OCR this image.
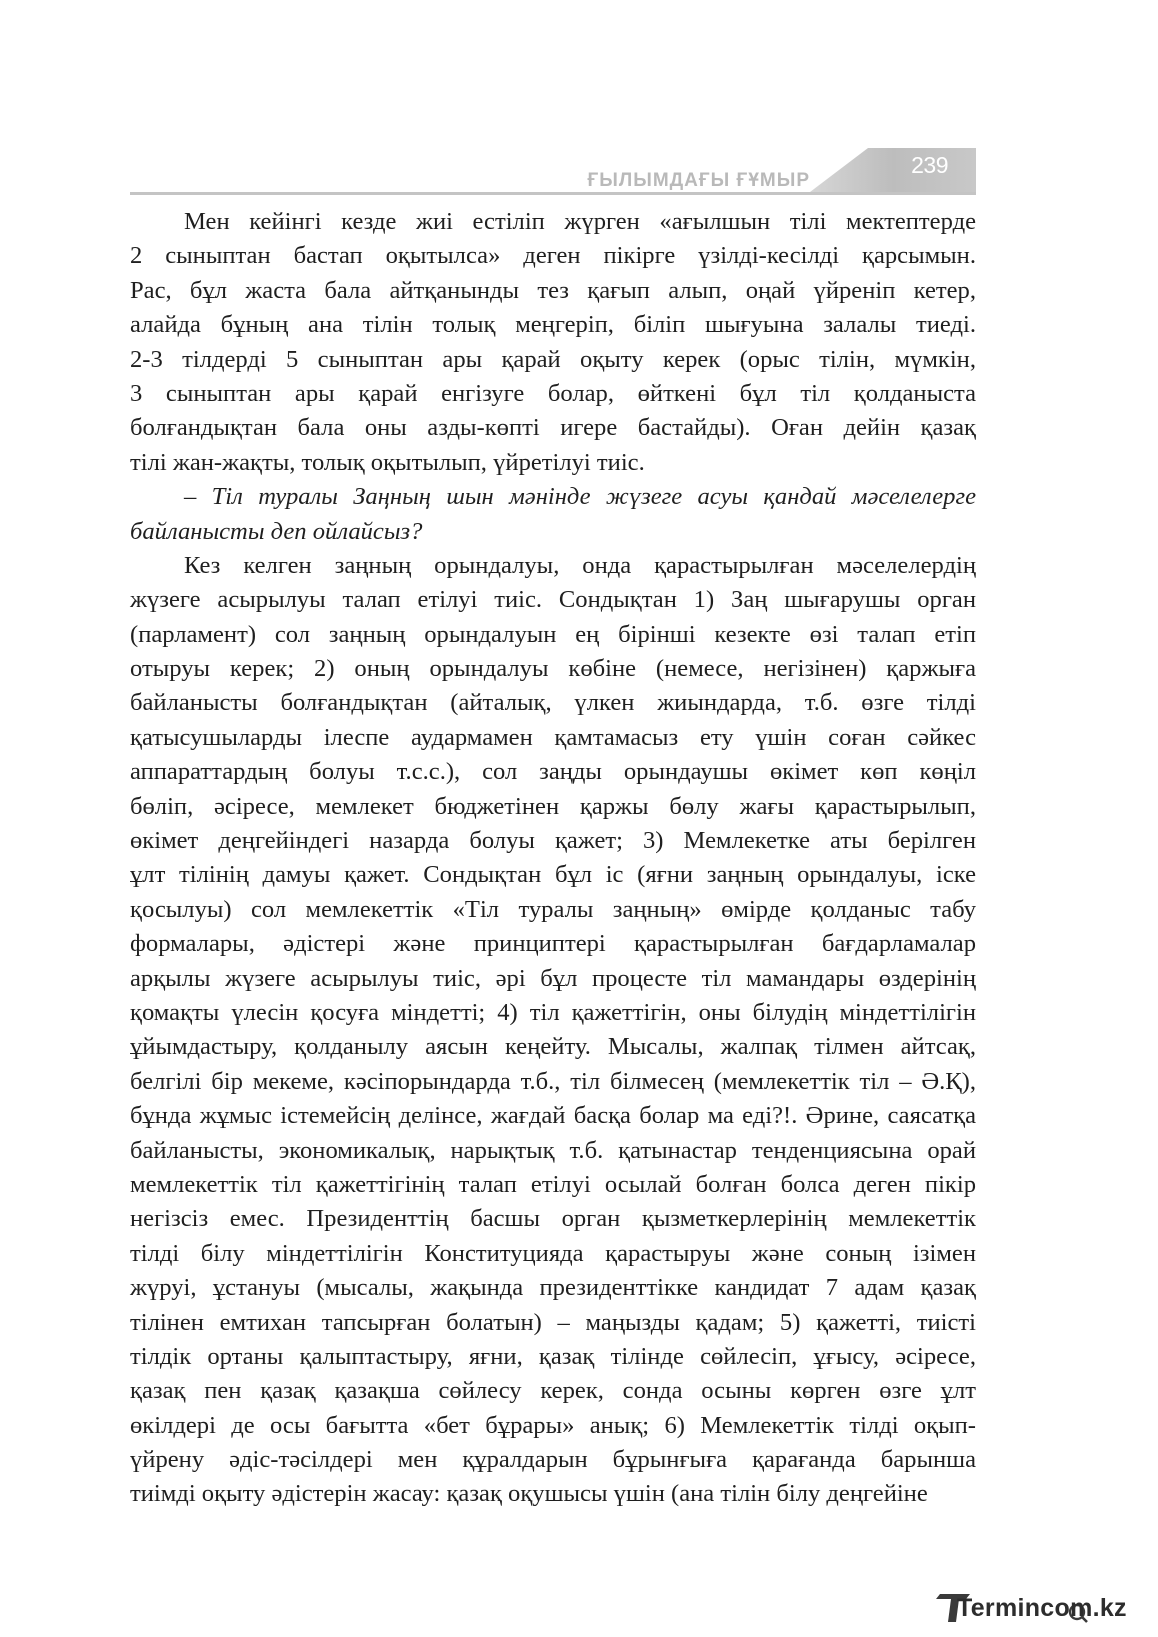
ҒЫЛЫМДАҒЫ ҒҰМЫР
239
Мен кейінгі кезде жиі естіліп жүрген «ағылшын тілі мектептерде
2 сыныптан бастап оқытылса» деген пікірге үзілді-кесілді қарсымын.
Рас, бұл жаста бала айтқанынды тез қағып алып, оңай үйреніп кетер,
алайда бұның ана тілін толық меңгеріп, біліп шығуына залалы тиеді.
2-3 тілдерді 5 сыныптан ары қарай оқыту керек (орыс тілін, мүмкін,
3 сыныптан ары қарай енгізуге болар, өйткені бұл тіл қолданыста
болғандықтан бала оны азды-көпті игере бастайды). Оған дейін қазақ
тілі жан-жақты, толық оқытылып, үйретілуі тиіс.
– Тіл туралы Заңның шын мәнінде жүзеге асуы қандай мәселелерге
байланысты деп ойлайсыз?
Кез келген заңның орындалуы, онда қарастырылған мәселелердің
жүзеге асырылуы талап етілуі тиіс. Сондықтан 1) Заң шығарушы орган
(парламент) сол заңның орындалуын ең бірінші кезекте өзі талап етіп
отыруы керек; 2) оның орындалуы көбіне (немесе, негізінен) қаржыға
байланысты болғандықтан (айталық, үлкен жиындарда, т.б. өзге тілді
қатысушыларды ілеспе аудармамен қамтамасыз ету үшін соған сәйкес
аппараттардың болуы т.с.с.), сол заңды орындаушы өкімет көп көңіл
бөліп, әсіресе, мемлекет бюджетінен қаржы бөлу жағы қарастырылып,
өкімет деңгейіндегі назарда болуы қажет; 3) Мемлекетке аты берілген
ұлт тілінің дамуы қажет. Сондықтан бұл іс (яғни заңның орындалуы, іске
қосылуы) сол мемлекеттік «Тіл туралы заңның» өмірде қолданыс табу
формалары, әдістері және принциптері қарастырылған бағдарламалар
арқылы жүзеге асырылуы тиіс, әрі бұл процесте тіл мамандары өздерінің
қомақты үлесін қосуға міндетті; 4) тіл қажеттігін, оны білудің міндеттілігін
ұйымдастыру, қолданылу аясын кеңейту. Мысалы, жалпақ тілмен айтсақ,
белгілі бір мекеме, кәсіпорындарда т.б., тіл білмесең (мемлекеттік тіл – Ә.Қ),
бұнда жұмыс істемейсің делінсе, жағдай басқа болар ма еді?!. Әрине, саясатқа
байланысты, экономикалық, нарықтық т.б. қатынастар тенденциясына орай
мемлекеттік тіл қажеттігінің талап етілуі осылай болған болса деген пікір
негізсіз емес. Президенттің басшы орган қызметкерлерінің мемлекеттік
тілді білу міндеттілігін Конституцияда қарастыруы және соның ізімен
жүруі, ұстануы (мысалы, жақында президенттікке кандидат 7 адам қазақ
тілінен емтихан тапсырған болатын) – маңызды қадам; 5) қажетті, тиісті
тілдік ортаны қалыптастыру, яғни, қазақ тілінде сөйлесіп, ұғысу, әсіресе,
қазақ пен қазақ қазақша сөйлесу керек, сонда осыны көрген өзге ұлт
өкілдері де осы бағытта «бет бұрары» анық; 6) Мемлекеттік тілді оқып-
үйрену әдіс-тәсілдері мен құралдарын бұрынғыға қарағанда барынша
тиімді оқыту әдістерін жасау: қазақ оқушысы үшін (ана тілін білу деңгейіне
Termincom.kz
